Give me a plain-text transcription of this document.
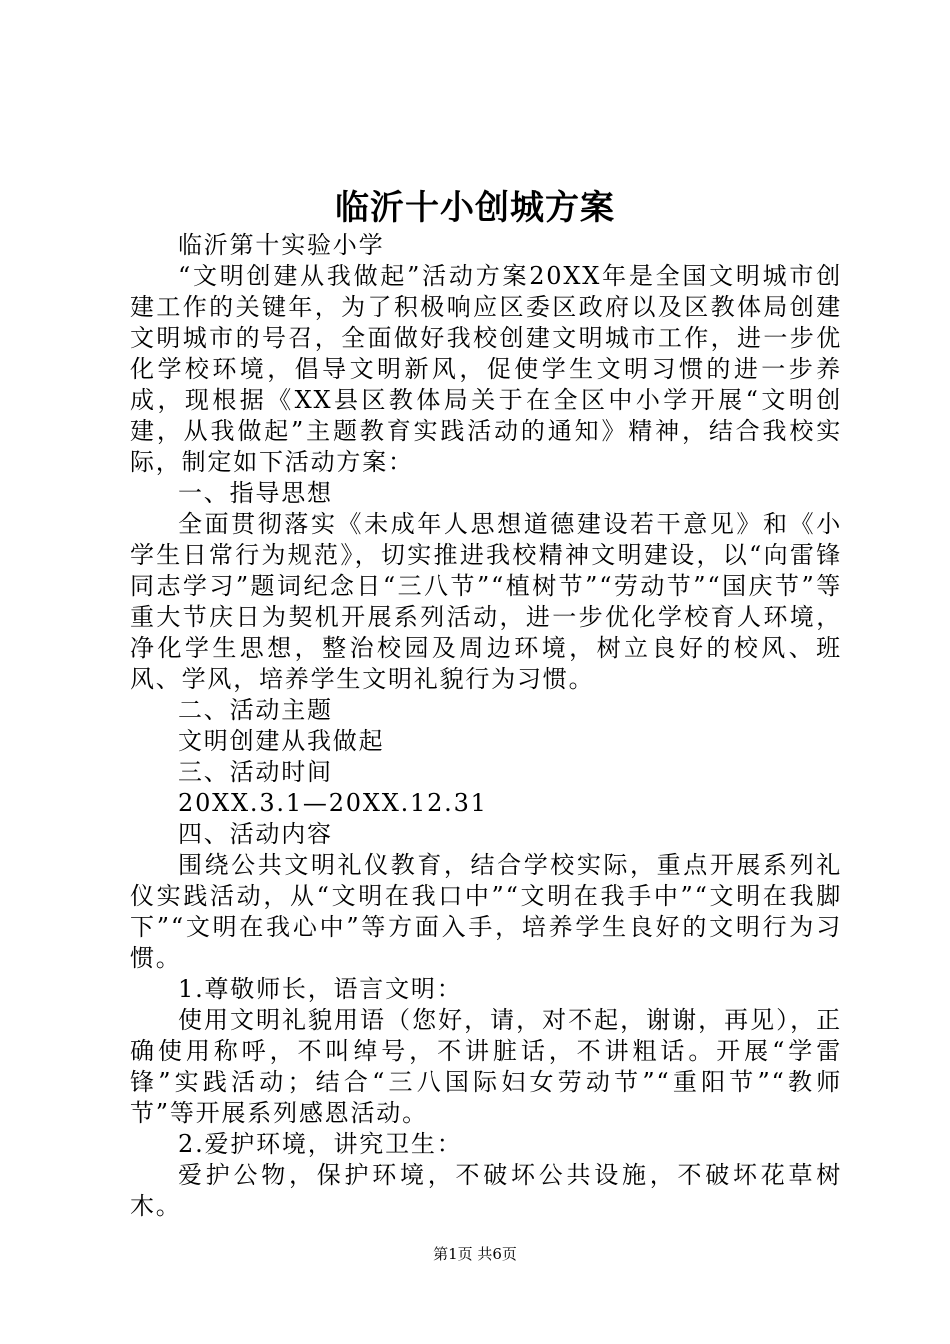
临沂十小创城方案

临沂第十实验小学

“文明创建从我做起”活动方案20XX年是全国文明城市创建工作的关键年，为了积极响应区委区政府以及区教体局创建文明城市的号召，全面做好我校创建文明城市工作，进一步优化学校环境，倡导文明新风，促使学生文明习惯的进一步养成，现根据《XX县区教体局关于在全区中小学开展“文明创建，从我做起”主题教育实践活动的通知》精神，结合我校实际，制定如下活动方案：

一、指导思想

全面贯彻落实《未成年人思想道德建设若干意见》和《小学生日常行为规范》，切实推进我校精神文明建设，以“向雷锋同志学习”题词纪念日“三八节”“植树节”“劳动节”“国庆节”等重大节庆日为契机开展系列活动，进一步优化学校育人环境，净化学生思想，整治校园及周边环境，树立良好的校风、班风、学风，培养学生文明礼貌行为习惯。

二、活动主题

文明创建从我做起

三、活动时间

20XX.3.1—20XX.12.31

四、活动内容

围绕公共文明礼仪教育，结合学校实际，重点开展系列礼仪实践活动，从“文明在我口中”“文明在我手中”“文明在我脚下”“文明在我心中”等方面入手，培养学生良好的文明行为习惯。

1.尊敬师长，语言文明：

使用文明礼貌用语（您好，请，对不起，谢谢，再见），正确使用称呼，不叫绰号，不讲脏话，不讲粗话。开展“学雷锋”实践活动；结合“三八国际妇女劳动节”“重阳节”“教师节”等开展系列感恩活动。

2.爱护环境，讲究卫生：

爱护公物，保护环境，不破坏公共设施，不破坏花草树木。

第1页 共6页
